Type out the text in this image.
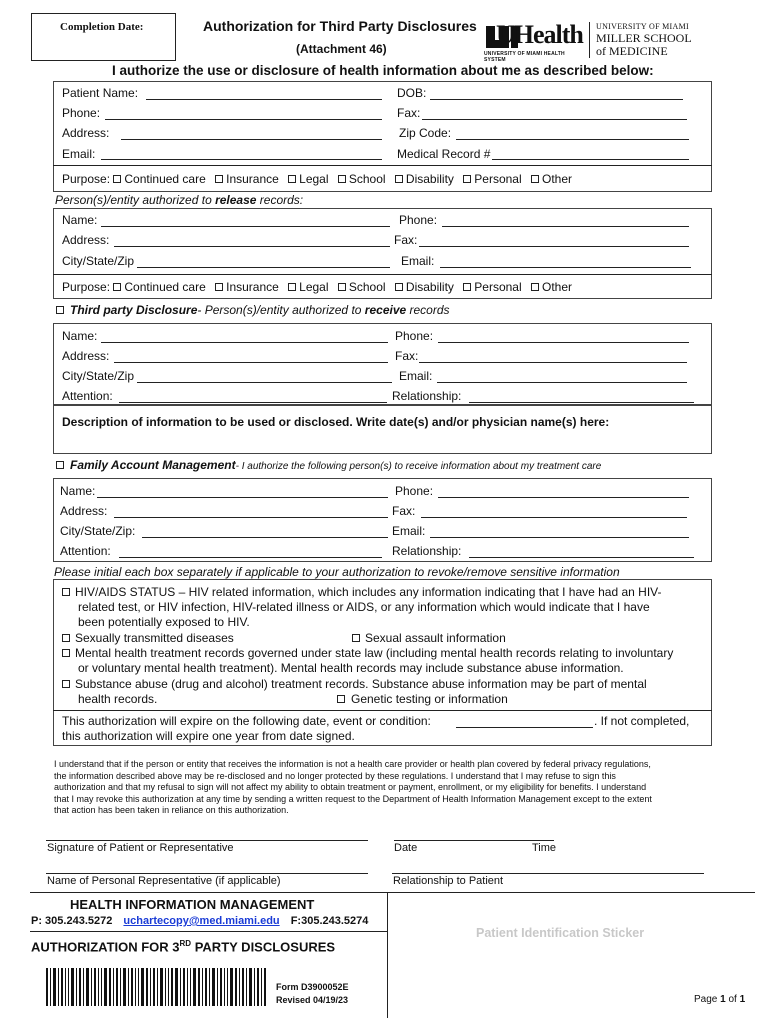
Completion Date:	Authorization for Third Party Disclosures
(Attachment 46)	UHealth
UNIVERSITY OF MIAMI HEALTH SYSTEM
UNIVERSITY OF MIAMI
MILLER SCHOOL
of MEDICINE
I authorize the use or disclosure of health information about me as described below:
Patient Name:	DOB:
Phone:	Fax:
Address:	Zip Code:
Email:	Medical Record #
Purpose: Continued care Insurance Legal School Disability Personal Other
Person(s)/entity authorized to release records:
Name:	Phone:
Address:	Fax:
City/State/Zip	Email:
Purpose: Continued care Insurance Legal School Disability Personal Other
Third party Disclosure- Person(s)/entity authorized to receive records
Name:	Phone:
Address:	Fax:
City/State/Zip	Email:
Attention:	Relationship:
Description of information to be used or disclosed. Write date(s) and/or physician name(s) here:
Family Account Management- I authorize the following person(s) to receive information about my treatment care
Name:	Phone:
Address:	Fax:
City/State/Zip:	Email:
Attention:	Relationship:
Please initial each box separately if applicable to your authorization to revoke/remove sensitive information
HIV/AIDS STATUS – HIV related information, which includes any information indicating that I have had an HIV-
related test, or HIV infection, HIV-related illness or AIDS, or any information which would indicate that I have
been potentially exposed to HIV.
Sexually transmitted diseases	Sexual assault information
Mental health treatment records governed under state law (including mental health records relating to involuntary
or voluntary mental health treatment). Mental health records may include substance abuse information.
Substance abuse (drug and alcohol) treatment records. Substance abuse information may be part of mental
health records.	Genetic testing or information
This authorization will expire on the following date, event or condition:	. If not completed,
this authorization will expire one year from date signed.
I understand that if the person or entity that receives the information is not a health care provider or health plan covered by federal privacy regulations,
the information described above may be re-disclosed and no longer protected by these regulations. I understand that I may refuse to sign this
authorization and that my refusal to sign will not affect my ability to obtain treatment or payment, enrollment, or my eligibility for benefits. I understand
that I may revoke this authorization at any time by sending a written request to the Department of Health Information Management except to the extent
that action has been taken in reliance on this authorization.
Signature of Patient or Representative	Date	Time
Name of Personal Representative (if applicable)	Relationship to Patient
HEALTH INFORMATION MANAGEMENT
P: 305.243.5272 uchartecopy@med.miami.edu F:305.243.5274
AUTHORIZATION FOR 3RD PARTY DISCLOSURES
Form D3900052E
Revised 04/19/23
Patient Identification Sticker
Page 1 of 1
